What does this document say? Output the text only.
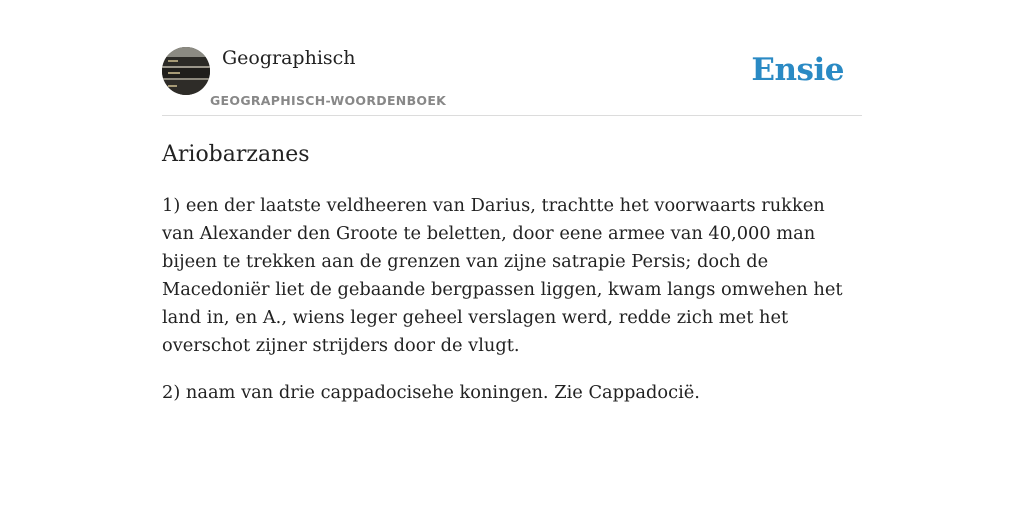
Geographisch
GEOGRAPHISCH-WOORDENBOEK
Ensie
Ariobarzanes

1) een der laatste veldheeren van Darius, trachtte het voorwaarts rukken van Alexander den Groote te beletten, door eene armee van 40,000 man bijeen te trekken aan de grenzen van zijne satrapie Persis; doch de Macedoniër liet de gebaande bergpassen liggen, kwam langs omwehen het land in, en A., wiens leger geheel verslagen werd, redde zich met het overschot zijner strijders door de vlugt.

2) naam van drie cappadocisehe koningen. Zie Cappadocië.
